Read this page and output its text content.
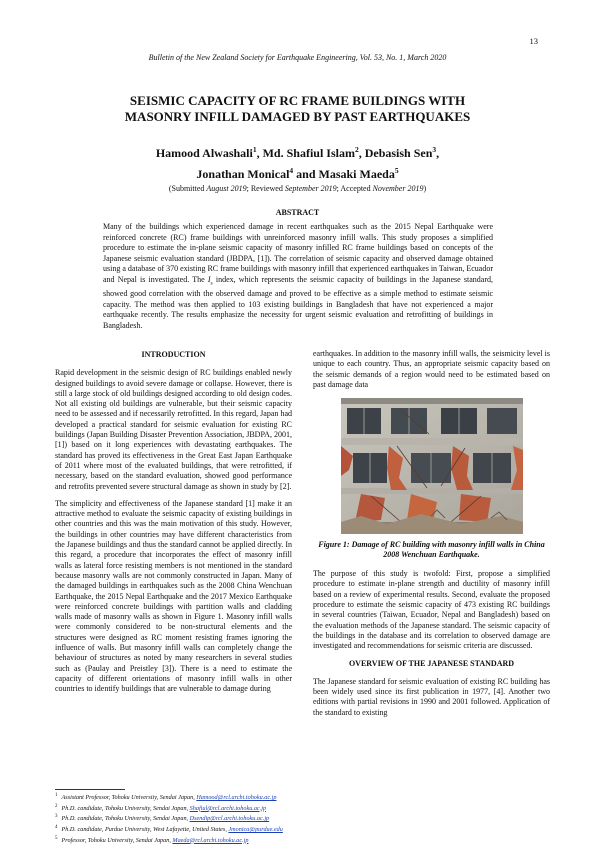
13
Bulletin of the New Zealand Society for Earthquake Engineering, Vol. 53, No. 1, March 2020
SEISMIC CAPACITY OF RC FRAME BUILDINGS WITH
MASONRY INFILL DAMAGED BY PAST EARTHQUAKES
Hamood Alwashali$^1$, Md. Shafiul Islam$^2$, Debasish Sen$^3$,
Jonathan Monical$^4$ and Masaki Maeda$^5$
(Submitted August 2019; Reviewed September 2019; Accepted November 2019)
ABSTRACT
Many of the buildings which experienced damage in recent earthquakes such as the 2015 Nepal Earthquake were reinforced concrete (RC) frame buildings with unreinforced masonry infill walls. This study proposes a simplified procedure to estimate the in-plane seismic capacity of masonry infilled RC frame buildings based on concepts of the Japanese seismic evaluation standard (JBDPA, [1]). The correlation of seismic capacity and observed damage obtained using a database of 370 existing RC frame buildings with masonry infill that experienced earthquakes in Taiwan, Ecuador and Nepal is investigated. The $I_s$ index, which represents the seismic capacity of buildings in the Japanese standard, showed good correlation with the observed damage and proved to be effective as a simple method to estimate seismic capacity. The method was then applied to 103 existing buildings in Bangladesh that have not experienced a major earthquake recently. The results emphasize the necessity for urgent seismic evaluation and retrofitting of buildings in Bangladesh.
INTRODUCTION

Rapid development in the seismic design of RC buildings enabled newly designed buildings to avoid severe damage or collapse. However, there is still a large stock of old buildings designed according to old design codes. Not all existing old buildings are vulnerable, but their seismic capacity need to be assessed and if necessarily retrofitted. In this regard, Japan had developed a practical standard for seismic evaluation for existing RC buildings (Japan Building Disaster Prevention Association, JBDPA, 2001, [1]) based on it long experiences with devastating earthquakes. The standard has proved its effectiveness in the Great East Japan Earthquake of 2011 where most of the evaluated buildings, that were retrofitted, if necessary, based on the standard evaluation, showed good performance and retrofits prevented severe structural damage as shown in study by [2].

The simplicity and effectiveness of the Japanese standard [1] make it an attractive method to evaluate the seismic capacity of existing buildings in other countries and this was the main motivation of this study. However, the buildings in other countries may have different characteristics from the Japanese buildings and thus the standard cannot be applied directly. In this regard, a procedure that incorporates the effect of masonry infill walls as lateral force resisting members is not mentioned in the standard because masonry walls are not commonly constructed in Japan. Many of the damaged buildings in earthquakes such as the 2008 China Wenchuan Earthquake, the 2015 Nepal Earthquake and the 2017 Mexico Earthquake were reinforced concrete buildings with partition walls and cladding walls made of masonry walls as shown in Figure 1. Masonry infill walls were commonly considered to be non-structural elements and the structures were designed as RC moment resisting frames ignoring the influence of walls. But masonry infill walls can completely change the behaviour of structures as noted by many researchers in several studies such as (Paulay and Preistley [3]). There is a need to estimate the capacity of different orientations of masonry infill walls in other countries to identify buildings that are vulnerable to damage during

earthquakes. In addition to the masonry infill walls, the seismicity level is unique to each country. Thus, an appropriate seismic capacity based on the seismic demands of a region would need to be estimated based on past damage data

Figure 1: Damage of RC building with masonry infill walls in China 2008 Wenchuan Earthquake.

The purpose of this study is twofold: First, propose a simplified procedure to estimate in-plane strength and ductility of masonry infill based on a review of experimental results. Second, evaluate the proposed procedure to estimate the seismic capacity of 473 existing RC buildings in several countries (Taiwan, Ecuador, Nepal and Bangladesh) based on the evaluation methods of the Japanese standard. The seismic capacity of the buildings in the database and its correlation to observed damage are investigated and recommendations for seismic criteria are discussed.

OVERVIEW OF THE JAPANESE STANDARD

The Japanese standard for seismic evaluation of existing RC building has been widely used since its first publication in 1977, [4]. Another two editions with partial revisions in 1990 and 2001 followed. Application of the standard to existing

$^1$ Assistant Professor, Tohoku University, Sendai Japan, Hamood@rcl.archi.tohoku.ac.jp
$^2$ Ph.D. candidate, Tohoku University, Sendai Japan, Shafiul@rcl.archi.tohoku.ac.jp
$^3$ Ph.D. candidate, Tohoku University, Sendai Japan, Dsendip@rcl.archi.tohoku.ac.jp
$^4$ Ph.D. candidate, Purdue University, West Lafayette, United States, Jmonica@purdue.edu
$^5$ Professor, Tohoku University, Sendai Japan, Maeda@rcl.archi.tohoku.ac.jp
